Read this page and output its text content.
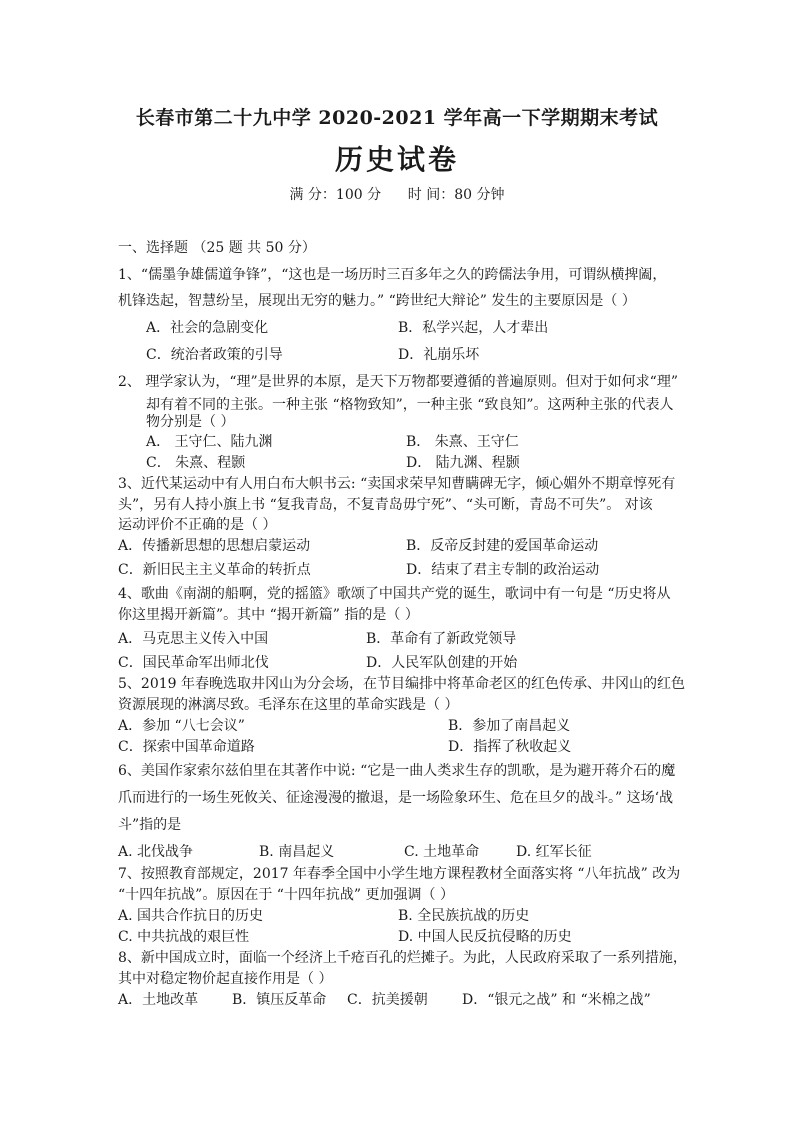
长春市第二十九中学 2020-2021 学年高一下学期期末考试
历史试卷
满 分：100 分      时 间：80 分钟
一、选择题 （25 题 共 50 分）
1、“儒墨争雄儒道争锋”，“这也是一场历时三百多年之久的跨儒法争用，可谓纵横捭阖，
机锋迭起，智慧纷呈，展现出无穷的魅力。” “跨世纪大辩论” 发生的主要原因是（ ）
A．社会的急剧变化	B．私学兴起，人才辈出
C．统治者政策的引导	D．礼崩乐坏
2、 理学家认为，“理”是世界的本原，是天下万物都要遵循的普遍原则。但对于如何求“理”
却有着不同的主张。一种主张 “格物致知”，一种主张 “致良知”。这两种主张的代表人
物分别是（ ）
A． 王守仁、陆九渊	B． 朱熹、王守仁
C． 朱熹、程颢	D． 陆九渊、程颢
3、近代某运动中有人用白布大帜书云: “卖国求荣早知曹瞒碑无字，倾心媚外不期章惇死有
头”，另有人持小旗上书 “复我青岛，不复青岛毋宁死”、“头可断，青岛不可失”。 对该
运动评价不正确的是（ ）
A．传播新思想的思想启蒙运动	B．反帝反封建的爱国革命运动
C．新旧民主主义革命的转折点	D．结束了君主专制的政治运动
4、歌曲《南湖的船啊，党的摇篮》歌颂了中国共产党的诞生，歌词中有一句是 “历史将从
你这里揭开新篇”。其中 “揭开新篇” 指的是（ ）
A．马克思主义传入中国	B．革命有了新政党领导
C．国民革命军出师北伐	D．人民军队创建的开始
5、2019 年春晚选取井冈山为分会场，在节目编排中将革命老区的红色传承、井冈山的红色
资源展现的淋漓尽致。毛泽东在这里的革命实践是（ ）
A．参加 “八七会议”	B．参加了南昌起义
C．探索中国革命道路	D．指挥了秋收起义
6、美国作家索尔兹伯里在其著作中说: “它是一曲人类求生存的凯歌，是为避开蒋介石的魔
爪而进行的一场生死攸关、征途漫漫的撤退，是一场险象环生、危在旦夕的战斗。” 这场‘战
斗”指的是
A. 北伐战争	B. 南昌起义	C. 土地革命	D. 红军长征
7、按照教育部规定，2017 年春季全国中小学生地方课程教材全面落实将 “八年抗战” 改为
“十四年抗战”。原因在于 “十四年抗战” 更加强调（ ）
A. 国共合作抗日的历史	B. 全民族抗战的历史
C. 中共抗战的艰巨性	D. 中国人民反抗侵略的历史
8、新中国成立时，面临一个经济上千疮百孔的烂摊子。为此，人民政府采取了一系列措施，
其中对稳定物价起直接作用是（ ）
A．土地改革 B．镇压反革命 C．抗美援朝 D．“银元之战” 和 “米棉之战”
